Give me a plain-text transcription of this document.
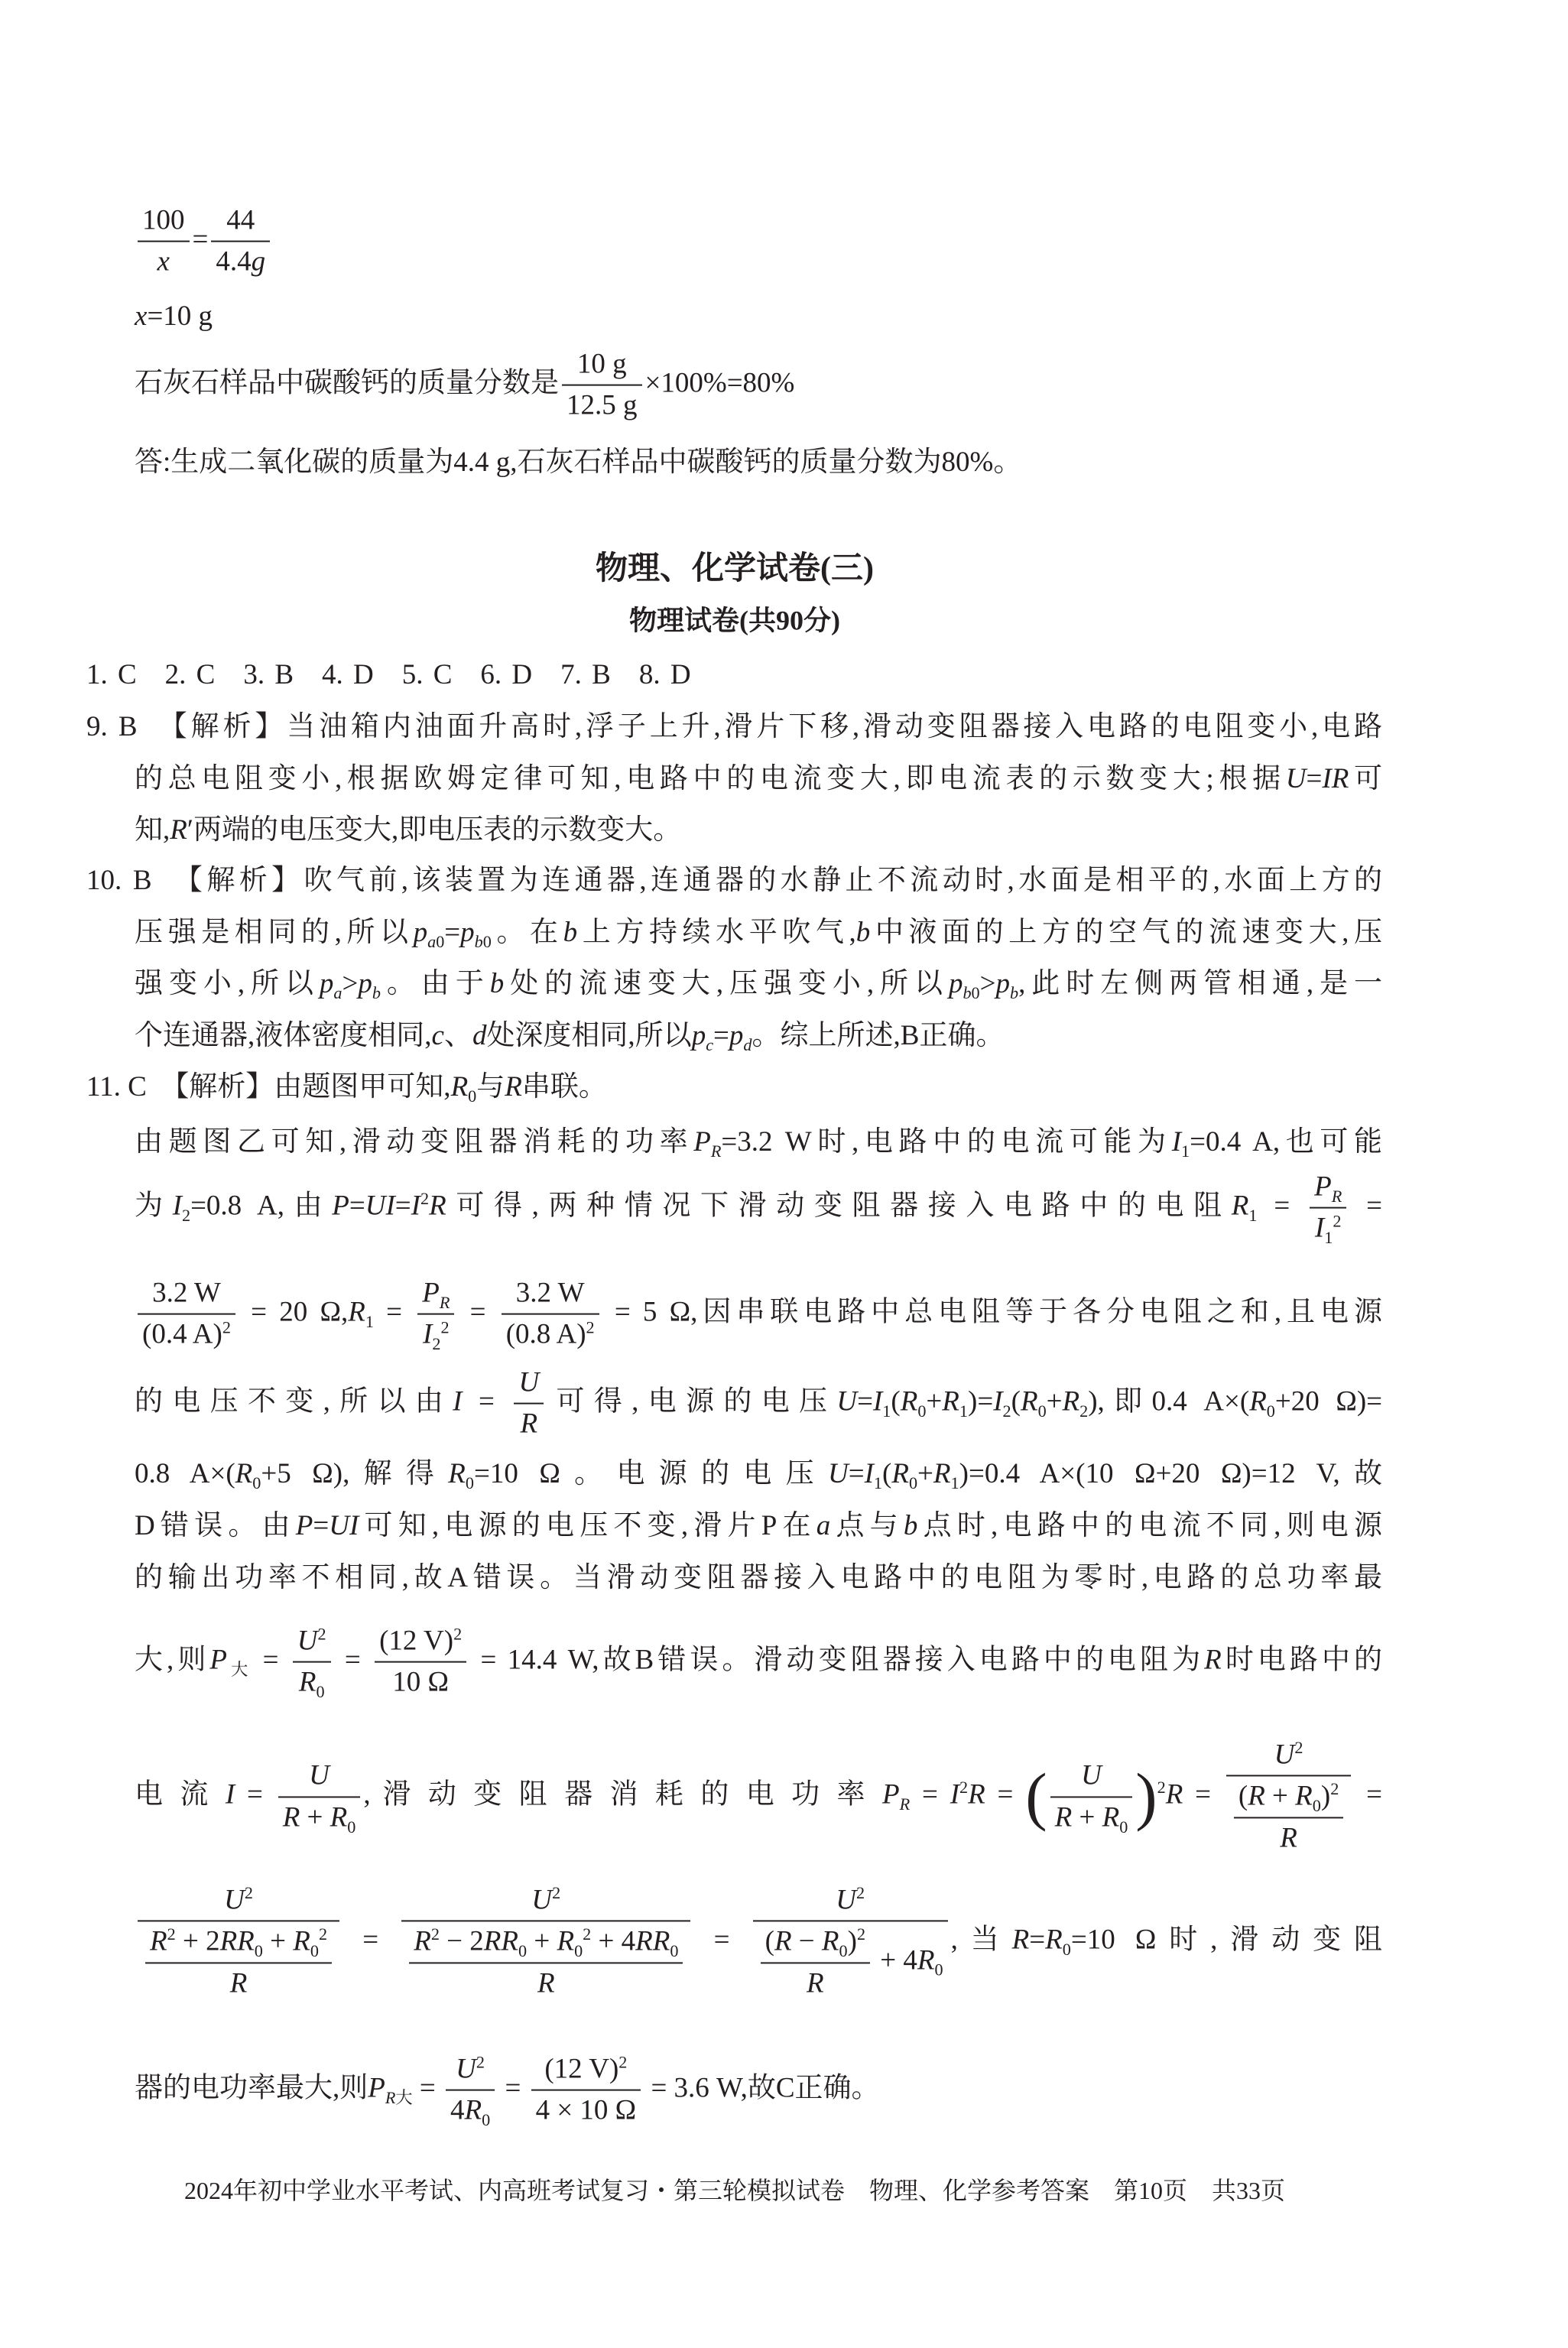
$\frac{100}{x} = \frac{44}{4.4g}$
x=10 g
石灰石样品中碳酸钙的质量分数是 $\frac{10 g}{12.5 g} \times 100\%=80\%$
答:生成二氧化碳的质量为4.4 g,石灰石样品中碳酸钙的质量分数为80%。
物理、化学试卷(三)
物理试卷(共90分)
1. C　2. C　3. B　4. D　5. C　6. D　7. B　8. D
9. B　【解析】当油箱内油面升高时,浮子上升,滑片下移,滑动变阻器接入电路的电阻变小,电路
的总电阻变小,根据欧姆定律可知,电路中的电流变大,即电流表的示数变大;根据U=IR可
知,R′两端的电压变大,即电压表的示数变大。
10. B　【解析】吹气前,该装置为连通器,连通器的水静止不流动时,水面是相平的,水面上方的
压强是相同的,所以$p_{a0}=p_{b0}$。在b上方持续水平吹气,b中液面的上方的空气的流速变大,压
强变小,所以$p_a>p_b$。由于b处的流速变大,压强变小,所以$p_{b0}>p_b$,此时左侧两管相通,是一
个连通器,液体密度相同,c、d处深度相同,所以$p_c=p_d$。综上所述,B正确。
11. C　【解析】由题图甲可知$,R_0$与R串联。
由题图乙可知,滑动变阻器消耗的功率$P_R=3.2$ W时,电路中的电流可能为$I_1=0.4$ A,也可能
为$I_2=0.8$ A,由$P=UI=I^2R$可得,两种情况下滑动变阻器接入电路中的电阻$R_1 = \frac{P_R}{I_1^2}$ =
$\frac{3.2 W}{(0.4 A)^2} = 20$ $\Omega,R_1 = \frac{P_R}{I_2^2} = \frac{3.2 W}{(0.8 A)^2} = 5$ Ω,因串联电路中总电阻等于各分电阻之和,且电源
的电压不变,所以由$I = \frac{U}{R}$ 可得,电源的电压$U=I_1(R_0+R_1)=I_2(R_0+R_2)$,即0.4 $A\times(R_0+20$ Ω)=
0.8 $A\times(R_0+5$ Ω),解得$R_0=10$ Ω。电源的电压$U=I_1(R_0+R_1)=0.4$ A×(10 Ω+20 Ω)=12 V,故
D错误。由P=UI可知,电源的电压不变,滑片P在a点与b点时,电路中的电流不同,则电源
的输出功率不相同,故A错误。当滑动变阻器接入电路中的电阻为零时,电路的总功率最
大,则$P_大 = \frac{U^2}{R_0} = \frac{(12 V)^2}{10 \Omega} = 14.4$ W,故B错误。滑动变阻器接入电路中的电阻为R时电路中的
电 流 $I = \frac{U}{R + R_0}$ , 滑 动 变 阻 器 消 耗 的 电 功 率 $P_R = I^2R$ = ( $\frac{U}{R + R_0} )^2R = \frac{U^2}{\frac{(R + R_0)^2}{R}}$ =
$\frac{U^2}{\frac{R^2 + 2RR_0 + R_0^2}{R}} = \frac{U^2}{\frac{R^2 - 2RR_0 + R_0^2 + 4RR_0}{R}} = \frac{U^2}{\frac{(R - R_0)^2}{R} + 4R_0}$ ,当$R=R_0=10$ Ω时,滑动变阻
器的电功率最大,则$P_{R大} = \frac{U^2}{4R_0} = \frac{(12 V)^2}{4 \times 10 \Omega} = 3.6$ W,故C正确。
2024年初中学业水平考试、内高班考试复习・第三轮模拟试卷　物理、化学参考答案　第10页　共33页
